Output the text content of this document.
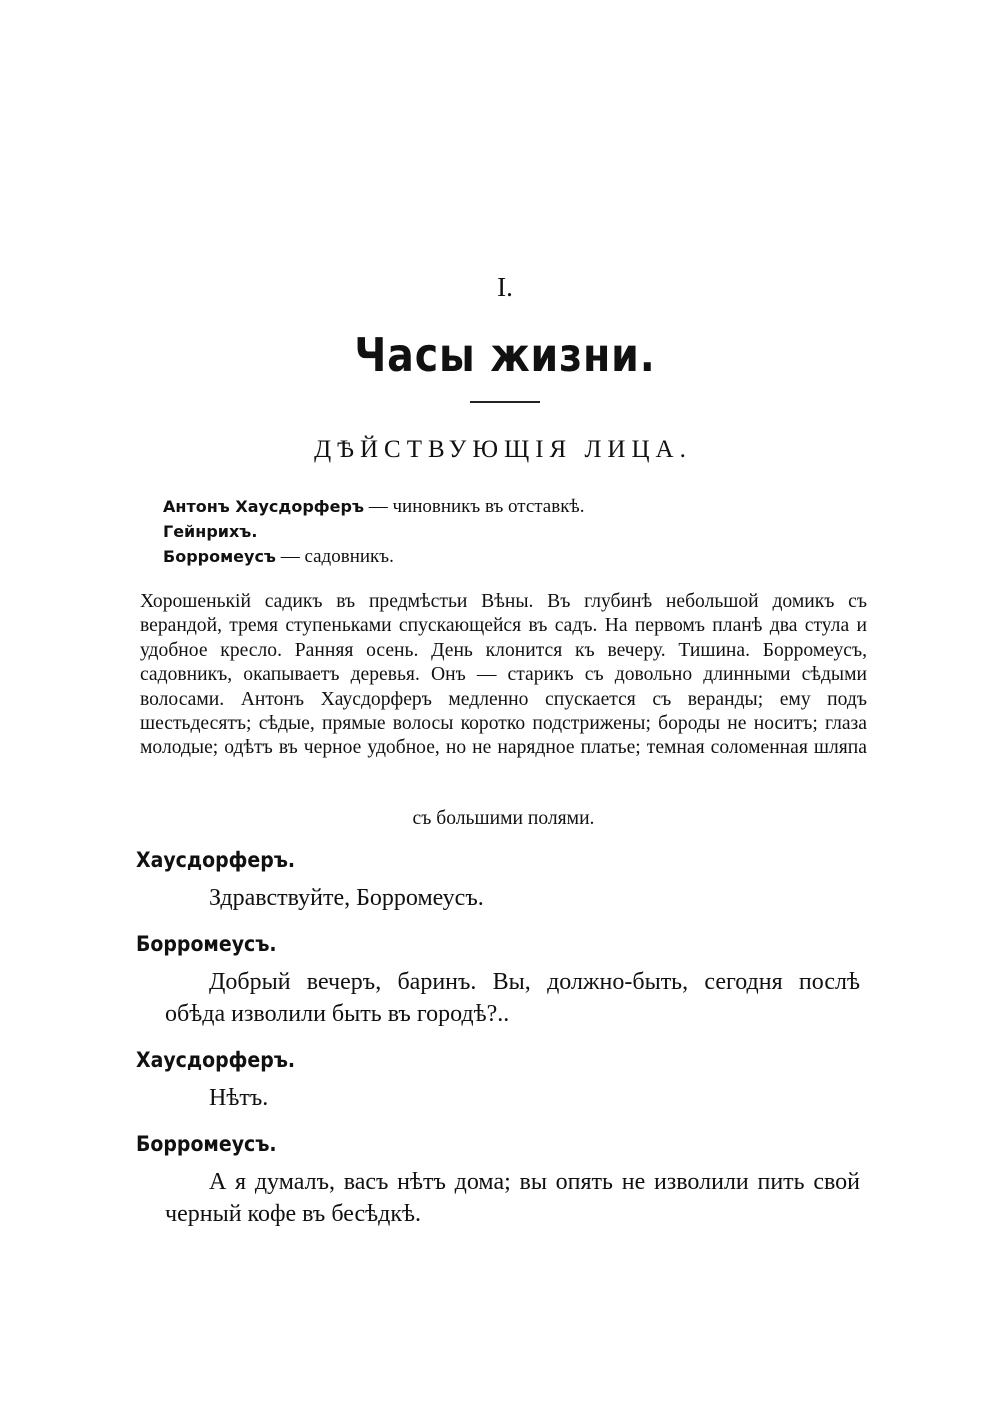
I.
Часы жизни.
ДѢЙСТВУЮЩІЯ ЛИЦА.
Антонъ Хаусдорферъ — чиновникъ въ отставкѣ.
Гейнрихъ.
Борромеусъ — садовникъ.
Хорошенькій садикъ въ предмѣстьи Вѣны. Въ глубинѣ небольшой домикъ съ верандой, тремя ступеньками спускающейся въ садъ. На первомъ планѣ два стула и удобное кресло. Ранняя осень. День клонится къ вечеру. Тишина. Борромеусъ, садовникъ, окапываетъ деревья. Онъ — старикъ съ довольно длинными сѣдыми волосами. Антонъ Хаусдорферъ медленно спускается съ веранды; ему подъ шестьдесятъ; сѣдые, прямые волосы коротко подстрижены; бороды не носитъ; глаза молодые; одѣтъ въ черное удобное, но не нарядное платье; темная соломенная шляпа
съ большими полями.
Хаусдорферъ.
Здравствуйте, Борромеусъ.
Борромеусъ.
Добрый вечеръ, баринъ. Вы, должно-быть, сегодня послѣ обѣда изволили быть въ городѣ?..
Хаусдорферъ.
Нѣтъ.
Борромеусъ.
А я думалъ, васъ нѣтъ дома; вы опять не изволили пить свой черный кофе въ бесѣдкѣ.
